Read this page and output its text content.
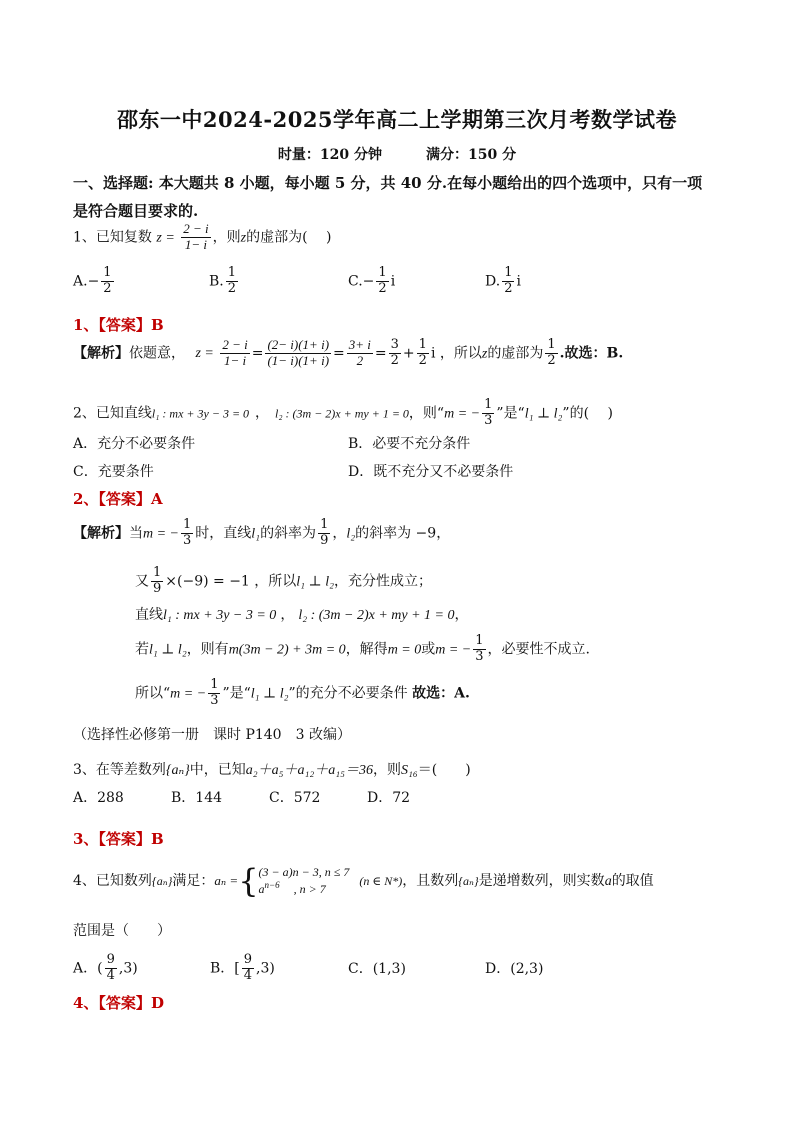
邵东一中2024-2025学年高二上学期第三次月考数学试卷
时量：120 分钟	满分：150 分
一、选择题: 本大题共 8 小题，每小题 5 分，共 40 分.在每小题给出的四个选项中，只有一项
是符合题目要求的.
1、已知复数 $z = \frac{2 - i}{1- i}$ ，则z的虚部为(　 )
$A.- \frac{1}{2}$	B. $\frac{1}{2}$	$C.- \frac{1}{2}$ i	D. $\frac{1}{2}$ i
1、【答案】B
【解析】依题意， $z = \frac{2 - i}{1- i} = \frac{(2- i)(1+ i)}{(1- i)(1+ i)} = \frac{3+ i}{2} = \frac{3}{2} + \frac{1}{2}$ i ，所以z的虚部为 $\frac{1}{2}$ .故选：B.
2、已知直线l₁ : mx + 3y − 3 = 0 ， l₂ : (3m − 2)x + my + 1 = 0，则“m = − $\frac{1}{3}$ ”是“l₁ ⊥ l₂”的(　 )
A．充分不必要条件	B．必要不充分条件
C．充要条件	D．既不充分又不必要条件
2、【答案】A
【解析】当m = − $\frac{1}{3}$ 时，直线l₁的斜率为 $\frac{1}{9}$ ，l₂的斜率为 −9，
又 $\frac{1}{9} \times(-9) = -1$ ，所以l₁ ⊥ l₂，充分性成立；
直线l₁ : mx + 3y − 3 = 0 ， l₂ : (3m − 2)x + my + 1 = 0，
若l₁ ⊥ l₂，则有m(3m − 2) + 3m = 0，解得m = 0或m = − $\frac{1}{3}$ ，必要性不成立.
所以“m = − $\frac{1}{3}$ ”是“l₁ ⊥ l₂”的充分不必要条件 故选：A.
（选择性必修第一册　课时 P140　3 改编）
3、在等差数列{aₙ}中，已知a₂＋a₅＋a₁₂＋a₁₅＝36，则S₁₆＝(　　)
A．288	B．144	C．572	D．72
3、【答案】B
4、已知数列{aₙ}满足：aₙ ={ (3 − a)n − 3, n ≤ 7
$a^{n-6}$ , n > 7
(n ∈ N*)，且数列{aₙ}是递增数列，则实数a的取值
范围是（　　）
A．( $\frac{9}{4} ,3$)	B．[ $\frac{9}{4} ,3$)	C．(1,3)	D．(2,3)
4、【答案】D
